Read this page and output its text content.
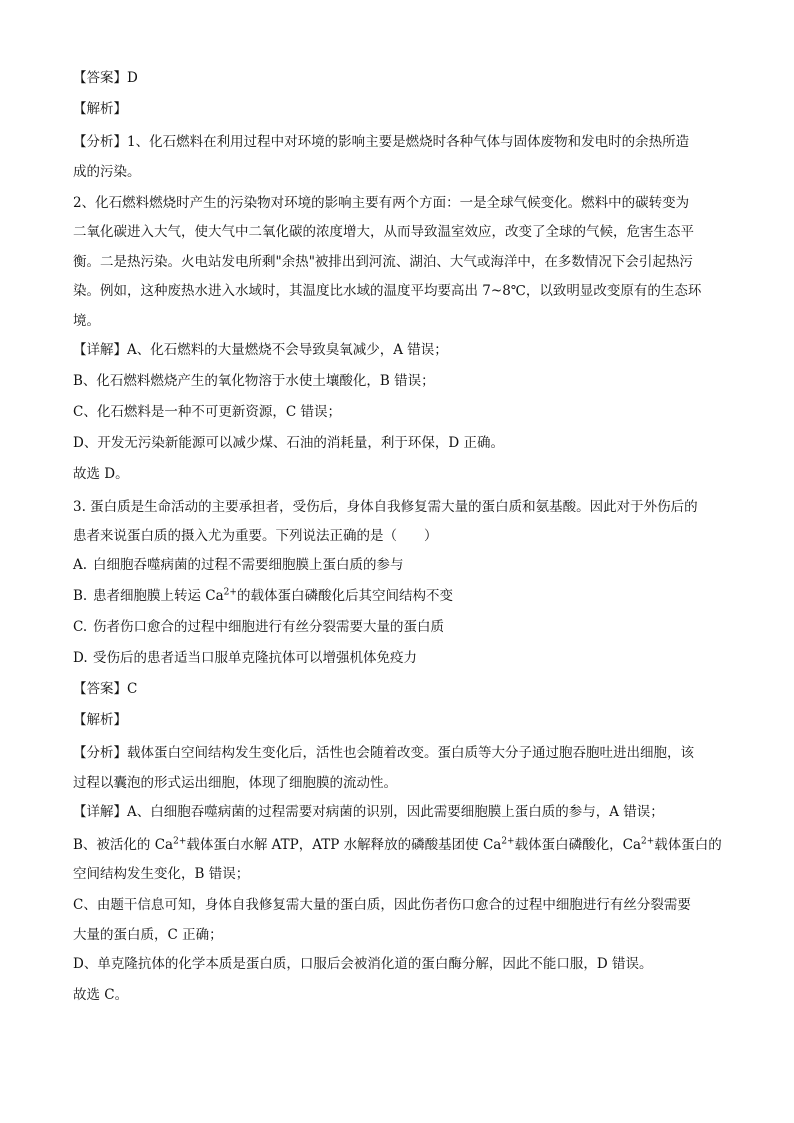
【答案】D
【解析】
【分析】1、化石燃料在利用过程中对环境的影响主要是燃烧时各种气体与固体废物和发电时的余热所造
成的污染。
2、化石燃料燃烧时产生的污染物对环境的影响主要有两个方面：一是全球气候变化。燃料中的碳转变为
二氧化碳进入大气，使大气中二氧化碳的浓度增大，从而导致温室效应，改变了全球的气候，危害生态平
衡。二是热污染。火电站发电所剩"余热"被排出到河流、湖泊、大气或海洋中，在多数情况下会引起热污
染。例如，这种废热水进入水域时，其温度比水域的温度平均要高出 7~8℃，以致明显改变原有的生态环
境。
【详解】A、化石燃料的大量燃烧不会导致臭氧减少，A 错误；
B、化石燃料燃烧产生的氧化物溶于水使土壤酸化，B 错误；
C、化石燃料是一种不可更新资源，C 错误；
D、开发无污染新能源可以减少煤、石油的消耗量，利于环保，D 正确。
故选 D。
3. 蛋白质是生命活动的主要承担者，受伤后，身体自我修复需大量的蛋白质和氨基酸。因此对于外伤后的
患者来说蛋白质的摄入尤为重要。下列说法正确的是（　　）
A. 白细胞吞噬病菌的过程不需要细胞膜上蛋白质的参与
B. 患者细胞膜上转运 $Ca^{2+}$的载体蛋白磷酸化后其空间结构不变
C. 伤者伤口愈合的过程中细胞进行有丝分裂需要大量的蛋白质
D. 受伤后的患者适当口服单克隆抗体可以增强机体免疫力
【答案】C
【解析】
【分析】载体蛋白空间结构发生变化后，活性也会随着改变。蛋白质等大分子通过胞吞胞吐进出细胞，该
过程以囊泡的形式运出细胞，体现了细胞膜的流动性。
【详解】A、白细胞吞噬病菌的过程需要对病菌的识别，因此需要细胞膜上蛋白质的参与，A 错误；
B、被活化的 $Ca^{2+}$载体蛋白水解 ATP，ATP 水解释放的磷酸基团使 $Ca^{2+}$载体蛋白磷酸化，$Ca^{2+}$载体蛋白的
空间结构发生变化，B 错误；
C、由题干信息可知，身体自我修复需大量的蛋白质，因此伤者伤口愈合的过程中细胞进行有丝分裂需要
大量的蛋白质，C 正确；
D、单克隆抗体的化学本质是蛋白质，口服后会被消化道的蛋白酶分解，因此不能口服，D 错误。
故选 C。
